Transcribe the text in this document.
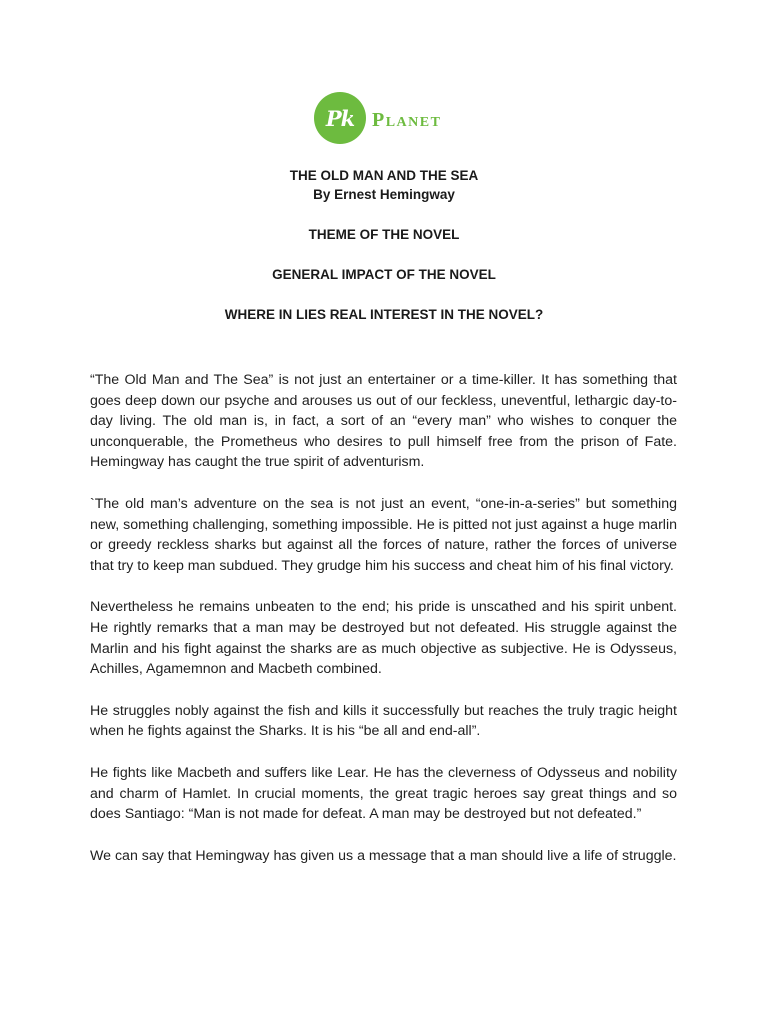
Pk Planet
THE OLD MAN AND THE SEA
By Ernest Hemingway
THEME OF THE NOVEL
GENERAL IMPACT OF THE NOVEL
WHERE IN LIES REAL INTEREST IN THE NOVEL?

“The Old Man and The Sea” is not just an entertainer or a time-killer. It has something that goes deep down our psyche and arouses us out of our feckless, uneventful, lethargic day-to-day living. The old man is, in fact, a sort of an “every man” who wishes to conquer the unconquerable, the Prometheus who desires to pull himself free from the prison of Fate. Hemingway has caught the true spirit of adventurism.

`The old man’s adventure on the sea is not just an event, “one-in-a-series” but something new, something challenging, something impossible. He is pitted not just against a huge marlin or greedy reckless sharks but against all the forces of nature, rather the forces of universe that try to keep man subdued. They grudge him his success and cheat him of his final victory.

Nevertheless he remains unbeaten to the end; his pride is unscathed and his spirit unbent. He rightly remarks that a man may be destroyed but not defeated. His struggle against the Marlin and his fight against the sharks are as much objective as subjective. He is Odysseus, Achilles, Agamemnon and Macbeth combined.

He struggles nobly against the fish and kills it successfully but reaches the truly tragic height when he fights against the Sharks. It is his “be all and end-all”.

He fights like Macbeth and suffers like Lear. He has the cleverness of Odysseus and nobility and charm of Hamlet. In crucial moments, the great tragic heroes say great things and so does Santiago: “Man is not made for defeat. A man may be destroyed but not defeated.”

We can say that Hemingway has given us a message that a man should live a life of struggle.
